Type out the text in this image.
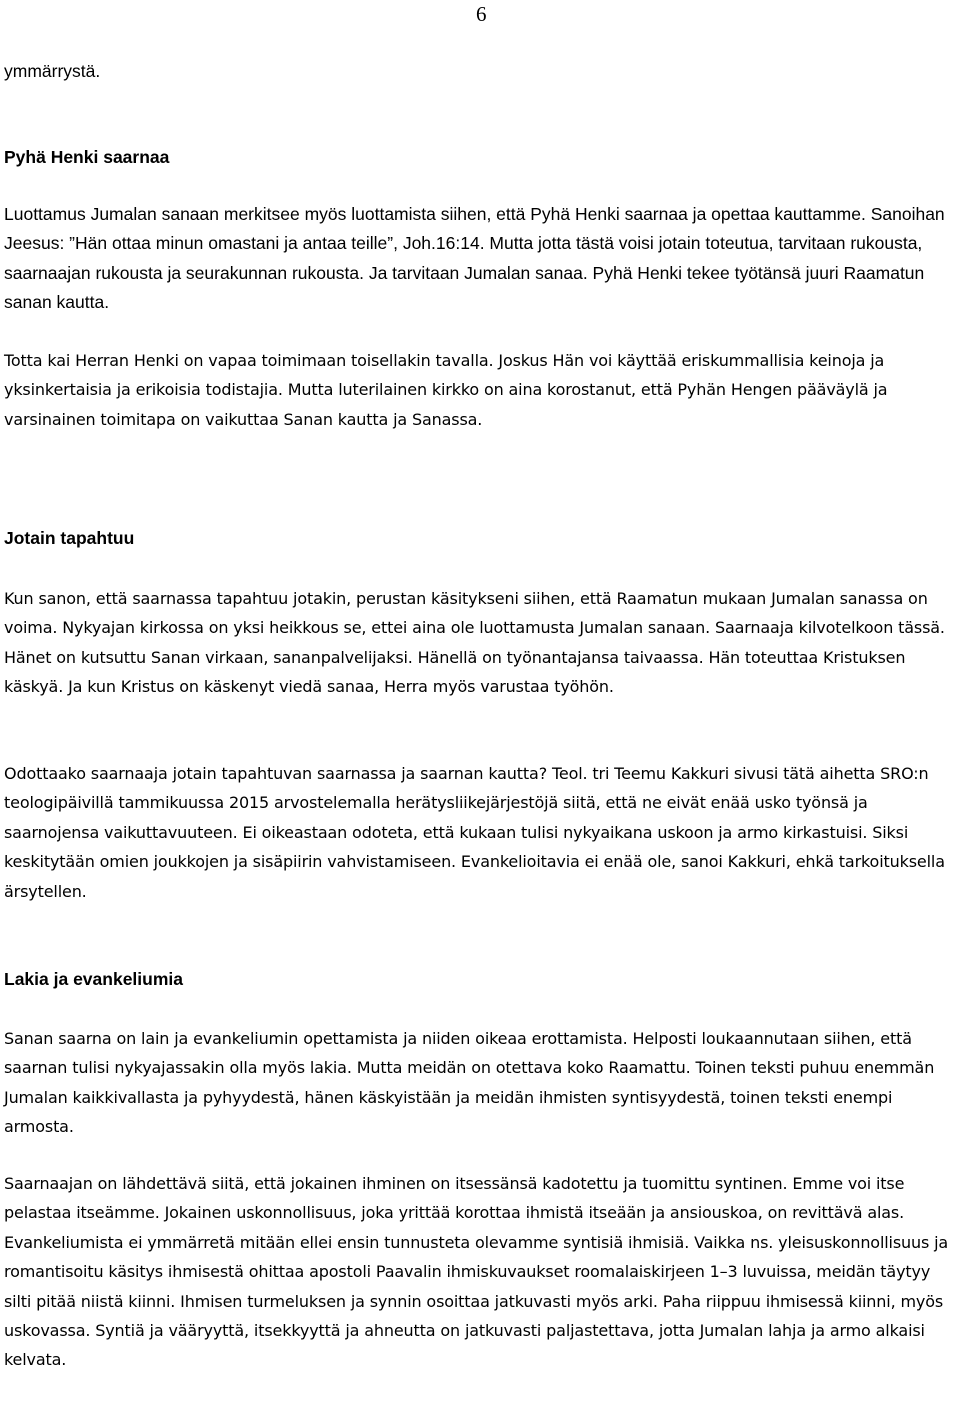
6
ymmärrystä.
Pyhä Henki saarnaa

Luottamus Jumalan sanaan merkitsee myös luottamista siihen, että Pyhä Henki saarnaa ja opettaa kauttamme. Sanoihan Jeesus: ”Hän ottaa minun omastani ja antaa teille”, Joh.16:14. Mutta jotta tästä voisi jotain toteutua, tarvitaan rukousta, saarnaajan rukousta ja seurakunnan rukousta. Ja tarvitaan Jumalan sanaa. Pyhä Henki tekee työtänsä juuri Raamatun sanan kautta.

Totta kai Herran Henki on vapaa toimimaan toisellakin tavalla. Joskus Hän voi käyttää eriskummallisia keinoja ja yksinkertaisia ja erikoisia todistajia. Mutta luterilainen kirkko on aina korostanut, että Pyhän Hengen pääväylä ja varsinainen toimitapa on vaikuttaa Sanan kautta ja Sanassa.

Jotain tapahtuu

Kun sanon, että saarnassa tapahtuu jotakin, perustan käsitykseni siihen, että Raamatun mukaan Jumalan sanassa on voima. Nykyajan kirkossa on yksi heikkous se, ettei aina ole luottamusta Jumalan sanaan. Saarnaaja kilvotelkoon tässä. Hänet on kutsuttu Sanan virkaan, sananpalvelijaksi. Hänellä on työnantajansa taivaassa. Hän toteuttaa Kristuksen käskyä. Ja kun Kristus on käskenyt viedä sanaa, Herra myös varustaa työhön.

Odottaako saarnaaja jotain tapahtuvan saarnassa ja saarnan kautta? Teol. tri Teemu Kakkuri sivusi tätä aihetta SRO:n teologipäivillä tammikuussa 2015 arvostelemalla herätysliikejärjestöjä siitä, että ne eivät enää usko työnsä ja saarnojensa vaikuttavuuteen. Ei oikeastaan odoteta, että kukaan tulisi nykyaikana uskoon ja armo kirkastuisi. Siksi keskitytään omien joukkojen ja sisäpiirin vahvistamiseen. Evankelioitavia ei enää ole, sanoi Kakkuri, ehkä tarkoituksella ärsytellen.

Lakia ja evankeliumia

Sanan saarna on lain ja evankeliumin opettamista ja niiden oikeaa erottamista. Helposti loukaannutaan siihen, että saarnan tulisi nykyajassakin olla myös lakia. Mutta meidän on otettava koko Raamattu. Toinen teksti puhuu enemmän Jumalan kaikkivallasta ja pyhyydestä, hänen käskyistään ja meidän ihmisten syntisyydestä, toinen teksti enempi armosta.

Saarnaajan on lähdettävä siitä, että jokainen ihminen on itsessänsä kadotettu ja tuomittu syntinen. Emme voi itse pelastaa itseämme. Jokainen uskonnollisuus, joka yrittää korottaa ihmistä itseään ja ansiouskoa, on revittävä alas. Evankeliumista ei ymmärretä mitään ellei ensin tunnusteta olevamme syntisiä ihmisiä. Vaikka ns. yleisuskonnollisuus ja romantisoitu käsitys ihmisestä ohittaa apostoli Paavalin ihmiskuvaukset roomalaiskirjeen 1–3 luvuissa, meidän täytyy silti pitää niistä kiinni. Ihmisen turmeluksen ja synnin osoittaa jatkuvasti myös arki. Paha riippuu ihmisessä kiinni, myös uskovassa. Syntiä ja vääryyttä, itsekkyyttä ja ahneutta on jatkuvasti paljastettava, jotta Jumalan lahja ja armo alkaisi kelvata.
